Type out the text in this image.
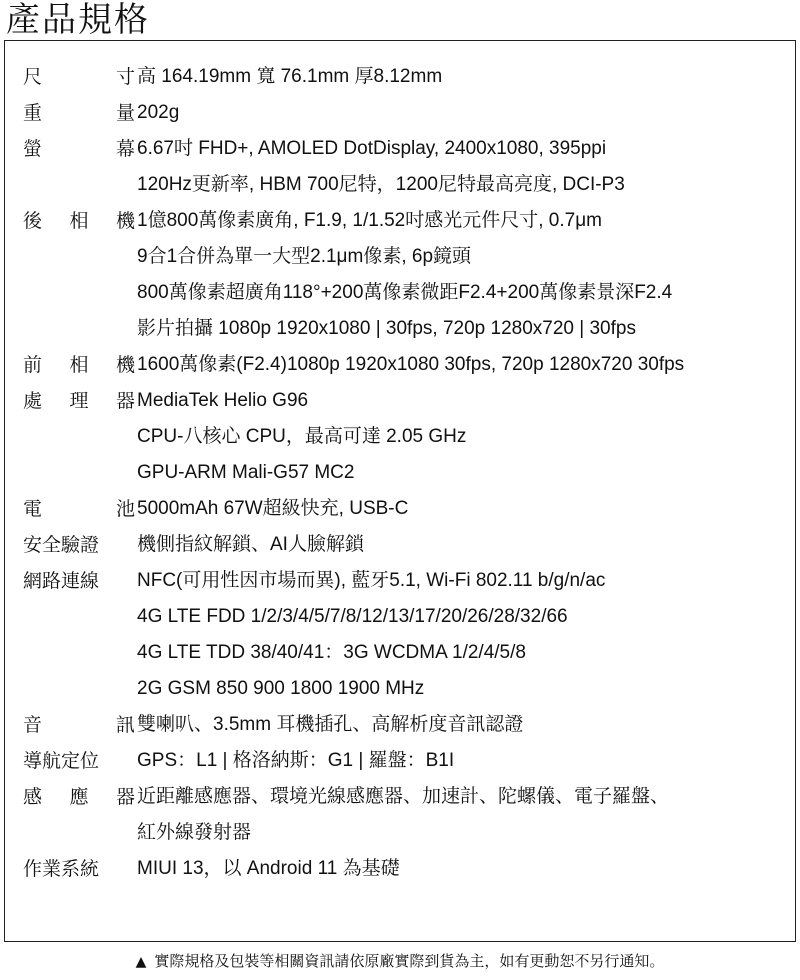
產品規格
尺	寸 高 164.19mm 寬 76.1mm 厚8.12mm
重	量 202g
螢	幕 6.67吋 FHD+, AMOLED DotDisplay, 2400x1080, 395ppi
120Hz更新率, HBM 700尼特，1200尼特最高亮度, DCI-P3
後 相 機 1億800萬像素廣角, F1.9, 1/1.52吋感光元件尺寸, 0.7μm
9合1合併為單一大型2.1μm像素, 6p鏡頭
800萬像素超廣角118°+200萬像素微距F2.4+200萬像素景深F2.4
影片拍攝 1080p 1920x1080 | 30fps, 720p 1280x720 | 30fps
前 相 機 1600萬像素(F2.4)1080p 1920x1080 30fps, 720p 1280x720 30fps
處 理 器 MediaTek Helio G96
CPU-八核心 CPU，最高可達 2.05 GHz
GPU-ARM Mali-G57 MC2
電	池 5000mAh 67W超級快充, USB-C
安全驗證 機側指紋解鎖、AI人臉解鎖
網路連線 NFC(可用性因市場而異), 藍牙5.1, Wi-Fi 802.11 b/g/n/ac
4G LTE FDD 1/2/3/4/5/7/8/12/13/17/20/26/28/32/66
4G LTE TDD 38/40/41：3G WCDMA 1/2/4/5/8
2G GSM 850 900 1800 1900 MHz
音	訊 雙喇叭、3.5mm 耳機插孔、高解析度音訊認證
導航定位 GPS：L1 | 格洛納斯：G1 | 羅盤：B1I
感 應 器 近距離感應器、環境光線感應器、加速計、陀螺儀、電子羅盤、
紅外線發射器
作業系統 MIUI 13，以 Android 11 為基礎
▲ 實際規格及包裝等相關資訊請依原廠實際到貨為主，如有更動恕不另行通知。
